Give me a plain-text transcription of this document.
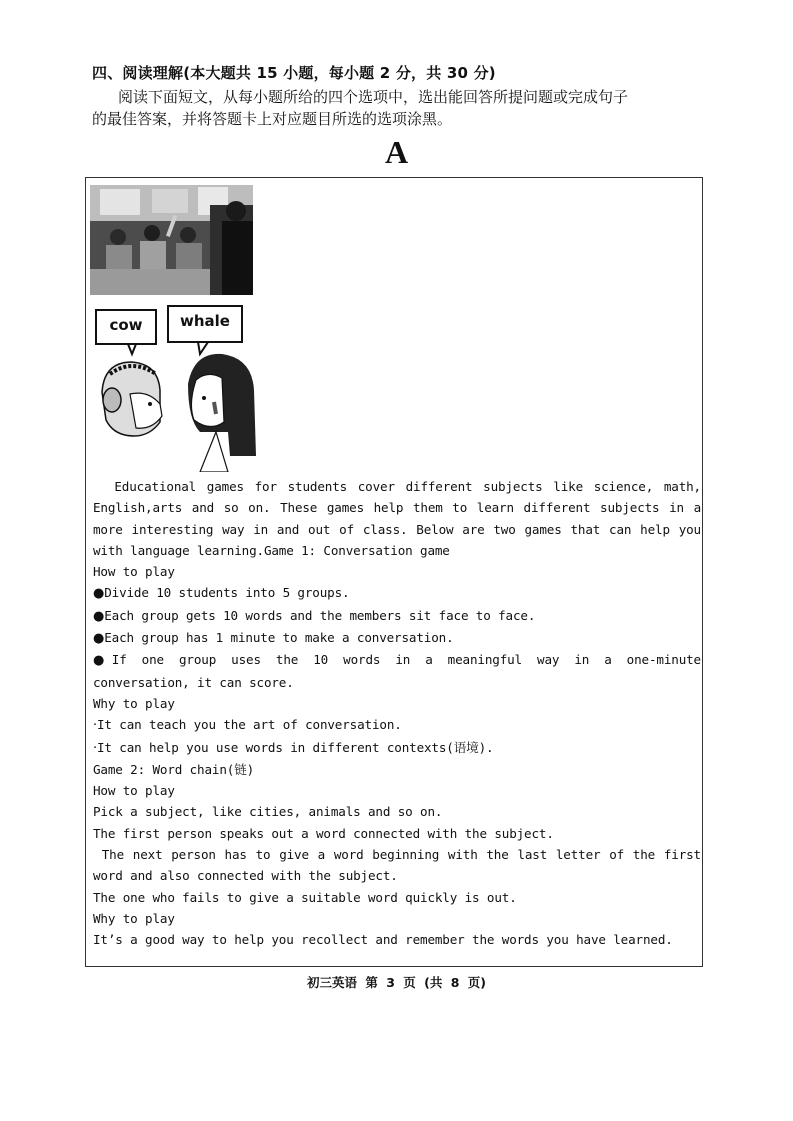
四、阅读理解(本大题共 15 小题，每小题 2 分，共 30 分)
阅读下面短文，从每小题所给的四个选项中，选出能回答所提问题或完成句子
的最佳答案，并将答题卡上对应题目所选的选项涂黑。
A
cow	whale

Educational games for students cover different subjects like science, math,

English,arts and so on. These games help them to learn different subjects in a

more interesting way in and out of class. Below are two games that can help you

with language learning.Game 1: Conversation game

How to play

●Divide 10 students into 5 groups.

●Each group gets 10 words and the members sit face to face.

●Each group has 1 minute to make a conversation.

●If one group uses the 10 words in a meaningful way in a one-minute

conversation, it can score.

Why to play

·It can teach you the art of conversation.

·It can help you use words in different contexts(语境).

Game 2: Word chain(链)

How to play

Pick a subject, like cities, animals and so on.

The first person speaks out a word connected with the subject.

The next person has to give a word beginning with the last letter of the first

word and also connected with the subject.

The one who fails to give a suitable word quickly is out.

Why to play

It’s a good way to help you recollect and remember the words you have learned.

初三英语 第 3 页 (共 8 页)
